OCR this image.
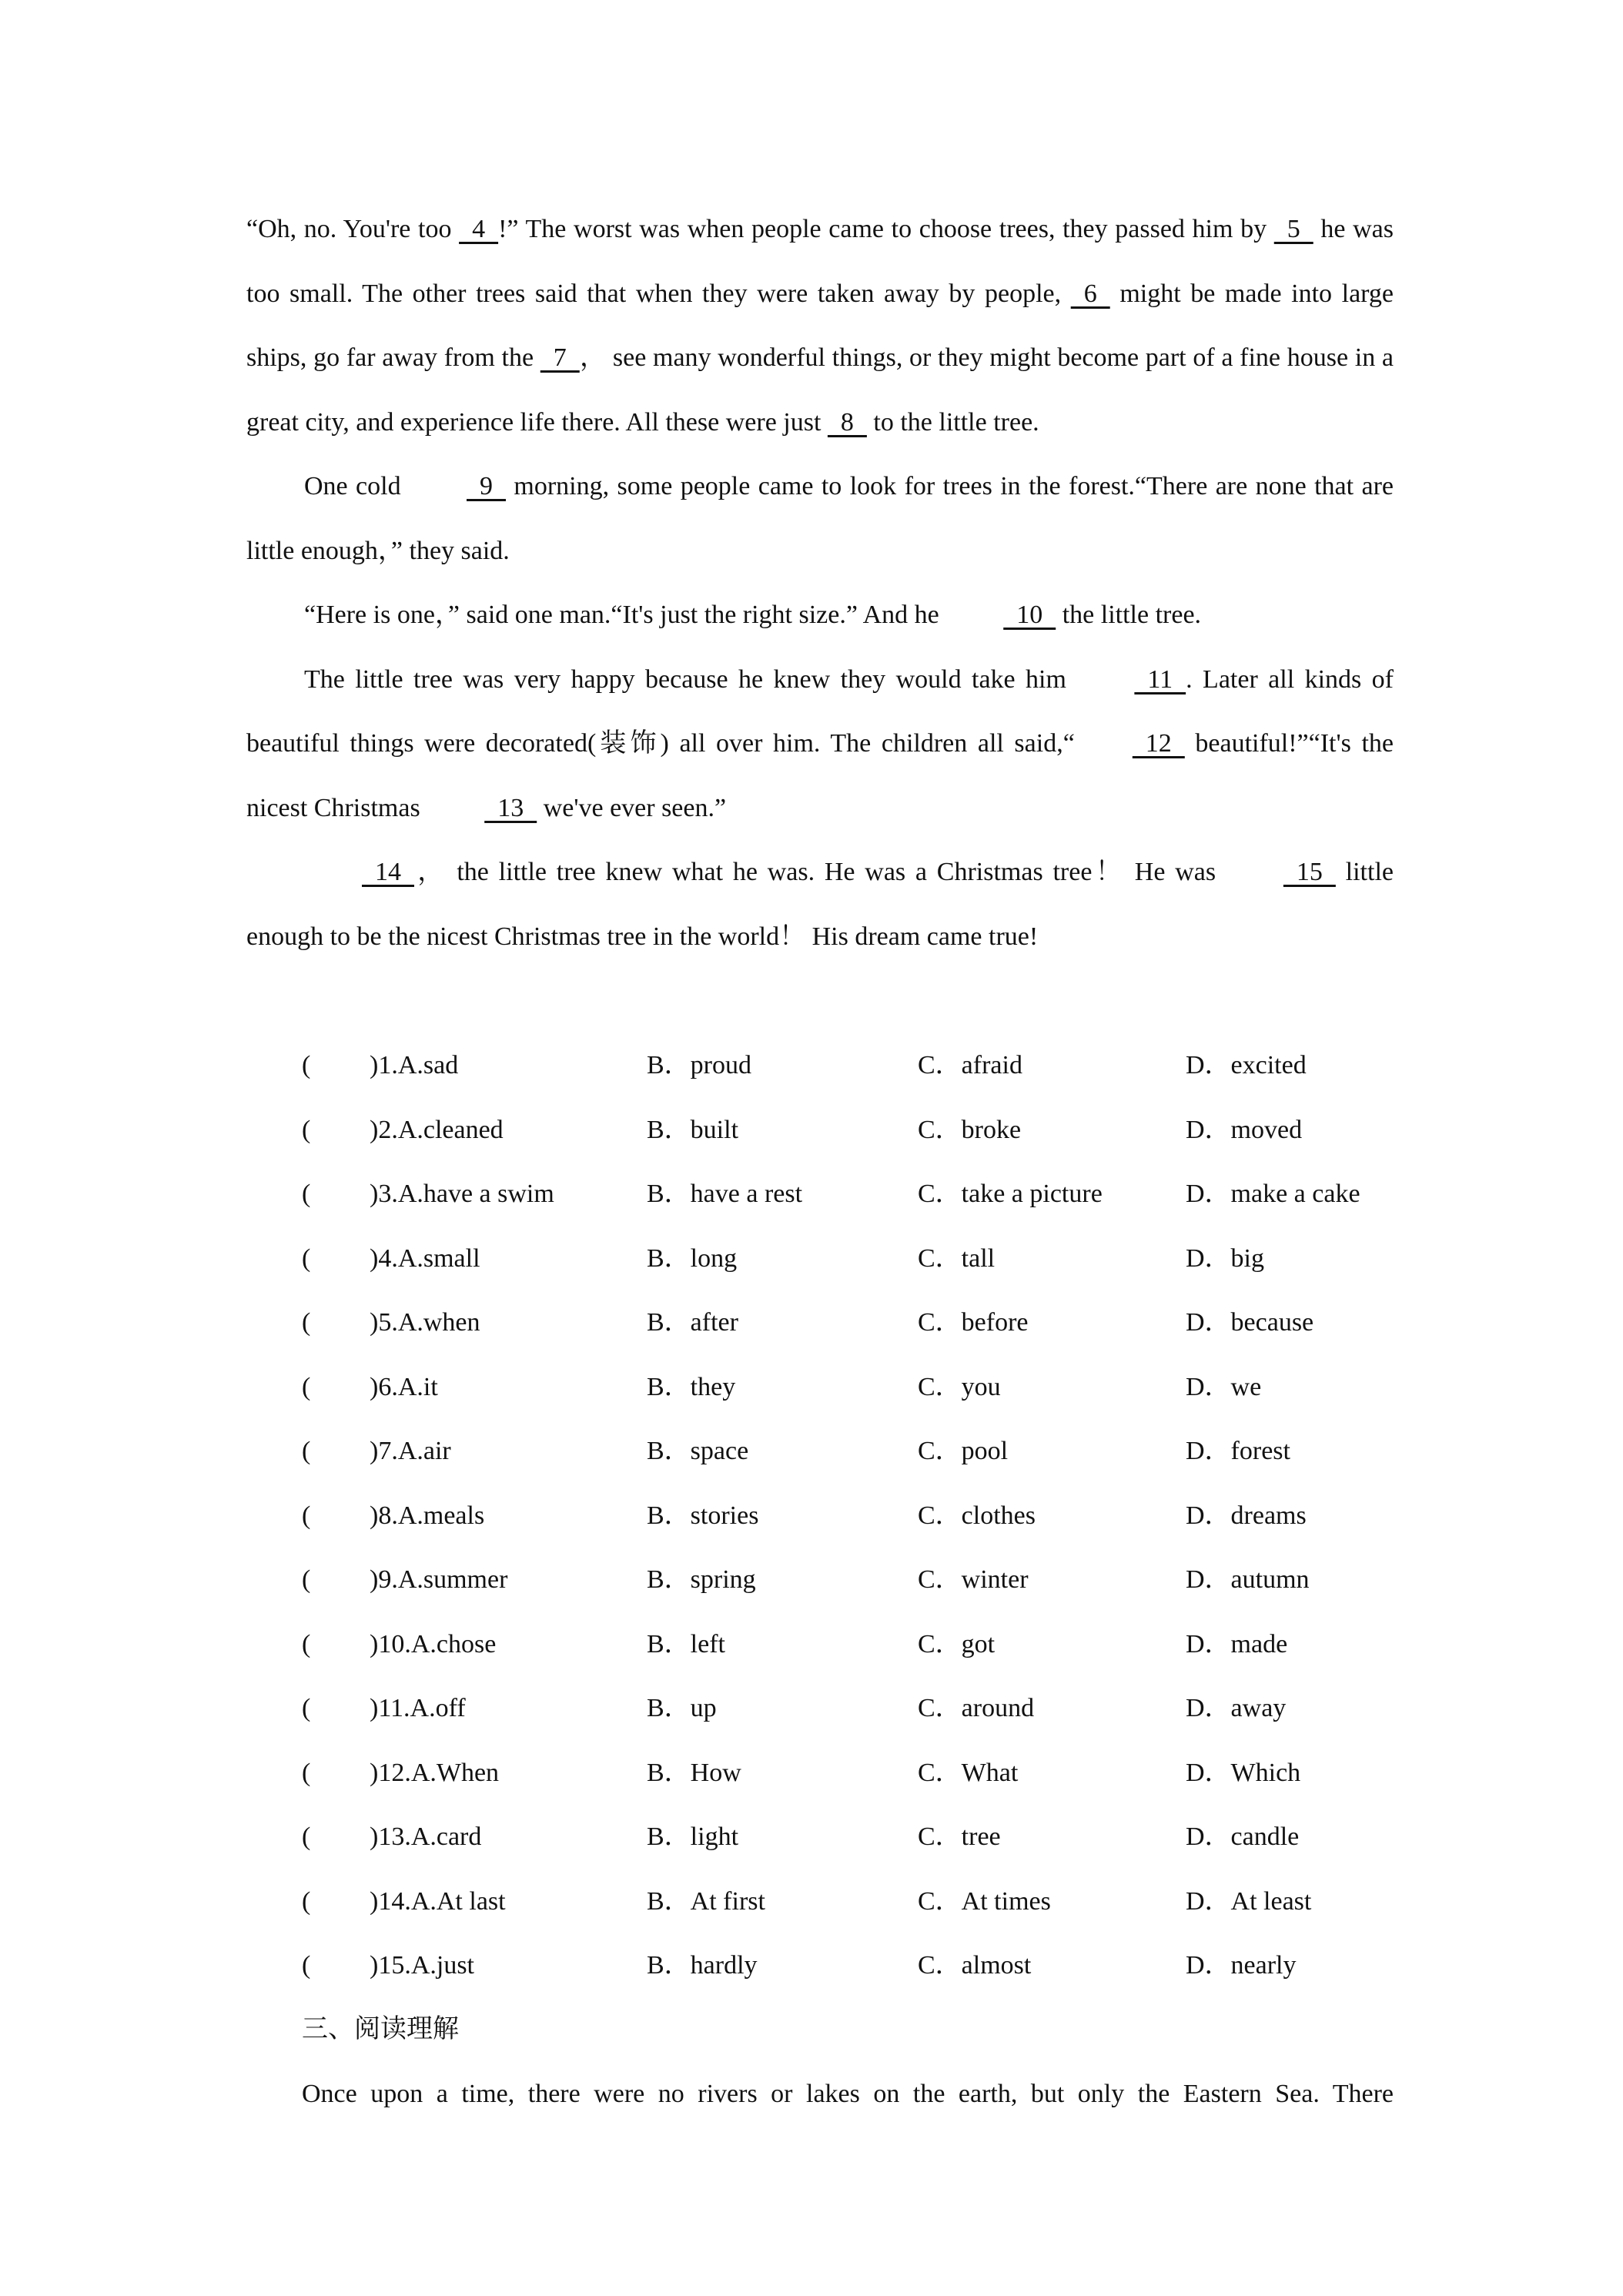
“Oh, no. You're too   4  !” The worst was when people came to choose trees, they passed him by   5   he was too small. The other trees said that when they were taken away by people,   6   might be made into large ships, go far away from the   7  ， see many wonderful things, or they might become part of a fine house in a great city, and experience life there. All these were just   8   to the little tree.

One cold   9   morning, some people came to look for trees in the forest.“There are none that are little enough，” they said.

“Here is one，” said one man.“It's just the right size.” And he   10   the little tree.

The little tree was very happy because he knew they would take him   11  . Later all kinds of beautiful things were decorated(装饰) all over him. The children all said,“  12   beautiful!”“It's the nicest Christmas   13   we've ever seen.”

14  ， the little tree knew what he was. He was a Christmas tree！ He was   15   little enough to be the nicest Christmas tree in the world！ His dream came true!

( )1.A.sad	B．proud	C．afraid	D．excited
( )2.A.cleaned	B．built	C．broke	D．moved
( )3.A.have a swim	B．have a rest	C．take a picture	D．make a cake
( )4.A.small	B．long	C．tall	D．big
( )5.A.when	B．after	C．before	D．because
( )6.A.it	B．they	C．you	D．we
( )7.A.air	B．space	C．pool	D．forest
( )8.A.meals	B．stories	C．clothes	D．dreams
( )9.A.summer	B．spring	C．winter	D．autumn
( )10.A.chose	B．left	C．got	D．made
( )11.A.off	B．up	C．around	D．away
( )12.A.When	B．How	C．What	D．Which
( )13.A.card	B．light	C．tree	D．candle
( )14.A.At last	B．At first	C．At times	D．At least
( )15.A.just	B．hardly	C．almost	D．nearly
三、阅读理解
Once upon a time, there were no rivers or lakes on the earth, but only the Eastern Sea. There
